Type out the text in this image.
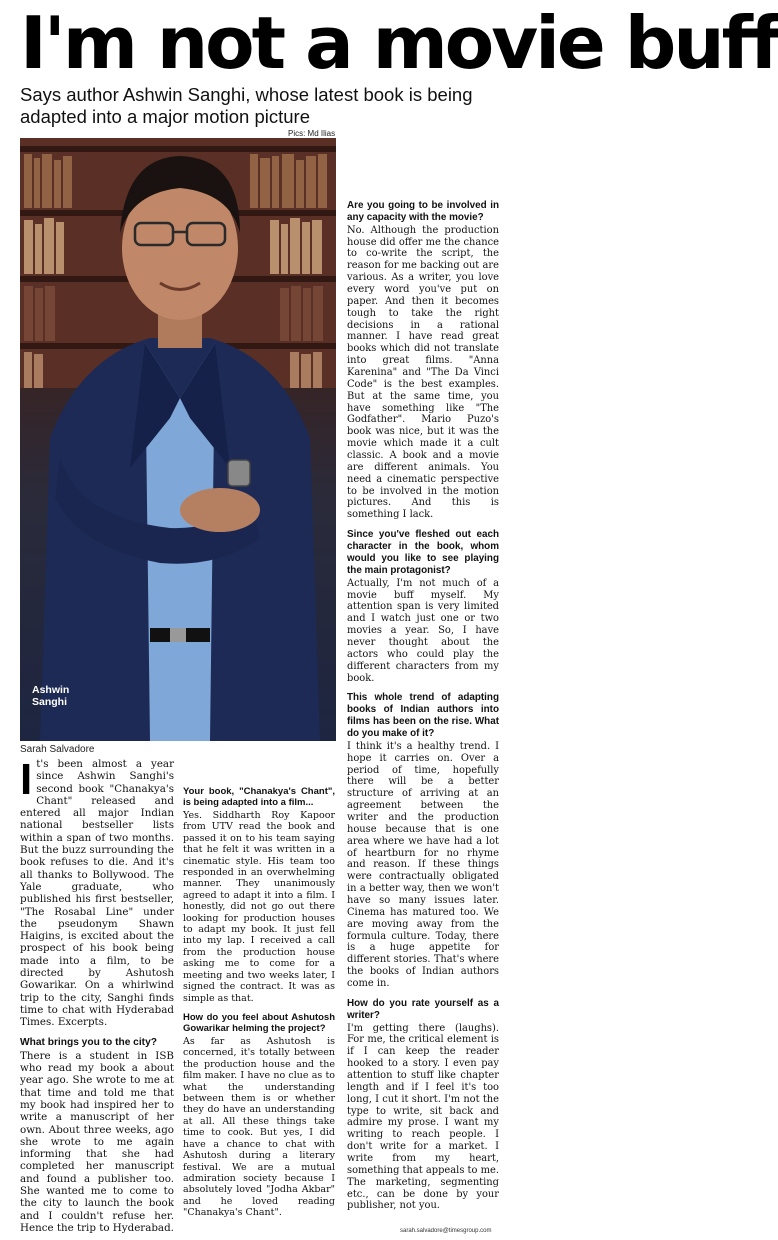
I'm not a movie buff
Says author Ashwin Sanghi, whose latest book is being adapted into a major motion picture
Pics: Md Ilias
Ashwin
Sanghi
Sarah Salvadore

It's been almost a year since Ashwin Sanghi's second book "Chanakya's Chant" released and entered all major Indian national bestseller lists within a span of two months. But the buzz surrounding the book refuses to die. And it's all thanks to Bollywood. The Yale graduate, who published his first bestseller, "The Rosabal Line" under the pseudonym Shawn Haigins, is excited about the prospect of his book being made into a film, to be directed by Ashutosh Gowarikar. On a whirlwind trip to the city, Sanghi finds time to chat with Hyderabad Times. Excerpts.

What brings you to the city?

There is a student in ISB who read my book a about year ago. She wrote to me at that time and told me that my book had inspired her to write a manuscript of her own. About three weeks, ago she wrote to me again informing that she had completed her manuscript and found a publisher too. She wanted me to come to the city to launch the book and I couldn't refuse her. Hence the trip to Hyderabad.

Your book, "Chanakya's Chant", is being adapted into a film...

Yes. Siddharth Roy Kapoor from UTV read the book and passed it on to his team saying that he felt it was written in a cinematic style. His team too responded in an overwhelming manner. They unanimously agreed to adapt it into a film. I honestly, did not go out there looking for production houses to adapt my book. It just fell into my lap. I received a call from the production house asking me to come for a meeting and two weeks later, I signed the contract. It was as simple as that.

How do you feel about Ashutosh Gowarikar helming the project?

As far as Ashutosh is concerned, it's totally between the production house and the film maker. I have no clue as to what the understanding between them is or whether they do have an understanding at all. All these things take time to cook. But yes, I did have a chance to chat with Ashutosh during a literary festival. We are a mutual admiration society because I absolutely loved "Jodha Akbar" and he loved reading "Chanakya's Chant".

Are you going to be involved in any capacity with the movie?

No. Although the production house did offer me the chance to co-write the script, the reason for me backing out are various. As a writer, you love every word you've put on paper. And then it becomes tough to take the right decisions in a rational manner. I have read great books which did not translate into great films. "Anna Karenina" and "The Da Vinci Code" is the best examples. But at the same time, you have something like "The Godfather". Mario Puzo's book was nice, but it was the movie which made it a cult classic. A book and a movie are different animals. You need a cinematic perspective to be involved in the motion pictures. And this is something I lack.

Since you've fleshed out each character in the book, whom would you like to see playing the main protagonist?

Actually, I'm not much of a movie buff myself. My attention span is very limited and I watch just one or two movies a year. So, I have never thought about the actors who could play the different characters from my book.

This whole trend of adapting books of Indian authors into films has been on the rise. What do you make of it?

I think it's a healthy trend. I hope it carries on. Over a period of time, hopefully there will be a better structure of arriving at an agreement between the writer and the production house because that is one area where we have had a lot of heartburn for no rhyme and reason. If these things were contractually obligated in a better way, then we won't have so many issues later. Cinema has matured too. We are moving away from the formula culture. Today, there is a huge appetite for different stories. That's where the books of Indian authors come in.

How do you rate yourself as a writer?

I'm getting there (laughs). For me, the critical element is if I can keep the reader hooked to a story. I even pay attention to stuff like chapter length and if I feel it's too long, I cut it short. I'm not the type to write, sit back and admire my prose. I want my writing to reach people. I don't write for a market. I write from my heart, something that appeals to me. The marketing, segmenting etc., can be done by your publisher, not you.

sarah.salvadore@timesgroup.com
